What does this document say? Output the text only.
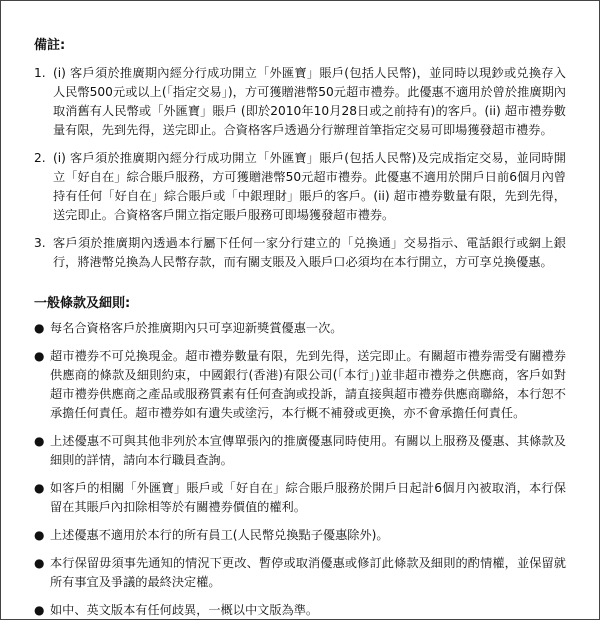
備註:
1. (i) 客戶須於推廣期內經分行成功開立「外匯寶」賬戶(包括人民幣)，並同時以現鈔或兑換存入人民幣500元或以上(「指定交易」)，方可獲贈港幣50元超市禮券。此優惠不適用於曾於推廣期內取消舊有人民幣或「外匯寶」賬戶 (即於2010年10月28日或之前持有)的客戶。(ii) 超市禮券數量有限，先到先得，送完即止。合資格客戶透過分行辦理首筆指定交易可即場獲發超市禮券。
2. (i) 客戶須於推廣期內經分行成功開立「外匯寶」賬戶(包括人民幣)及完成指定交易，並同時開立「好自在」綜合賬戶服務，方可獲贈港幣50元超市禮券。此優惠不適用於開戶日前6個月內曾持有任何「好自在」綜合賬戶或「中銀理財」賬戶的客戶。(ii) 超市禮券數量有限，先到先得，送完即止。合資格客戶開立指定賬戶服務可即場獲發超市禮券。
3. 客戶須於推廣期內透過本行屬下任何一家分行建立的「兑換通」交易指示、電話銀行或網上銀行，將港幣兑換為人民幣存款，而有關支賬及入賬戶口必須均在本行開立，方可享兑換優惠。
一般條款及細則:
● 每名合資格客戶於推廣期內只可享迎新獎賞優惠一次。
● 超市禮券不可兑換現金。超市禮券數量有限，先到先得，送完即止。有關超市禮券需受有關禮券供應商的條款及細則約束，中國銀行(香港)有限公司(「本行」)並非超市禮券之供應商，客戶如對超市禮券供應商之產品或服務質素有任何查詢或投訴，請直接與超市禮券供應商聯絡，本行恕不承擔任何責任。超市禮券如有遺失或塗污，本行概不補發或更換，亦不會承擔任何責任。
● 上述優惠不可與其他非列於本宣傳單張內的推廣優惠同時使用。有關以上服務及優惠、其條款及細則的詳情，請向本行職員查詢。
● 如客戶的相關「外匯寶」賬戶或「好自在」綜合賬戶服務於開戶日起計6個月內被取消，本行保留在其賬戶內扣除相等於有關禮券價值的權利。
● 上述優惠不適用於本行的所有員工(人民幣兑換點子優惠除外)。
● 本行保留毋須事先通知的情況下更改、暫停或取消優惠或修訂此條款及細則的酌情權，並保留就所有事宜及爭議的最終決定權。
● 如中、英文版本有任何歧異，一概以中文版為準。
